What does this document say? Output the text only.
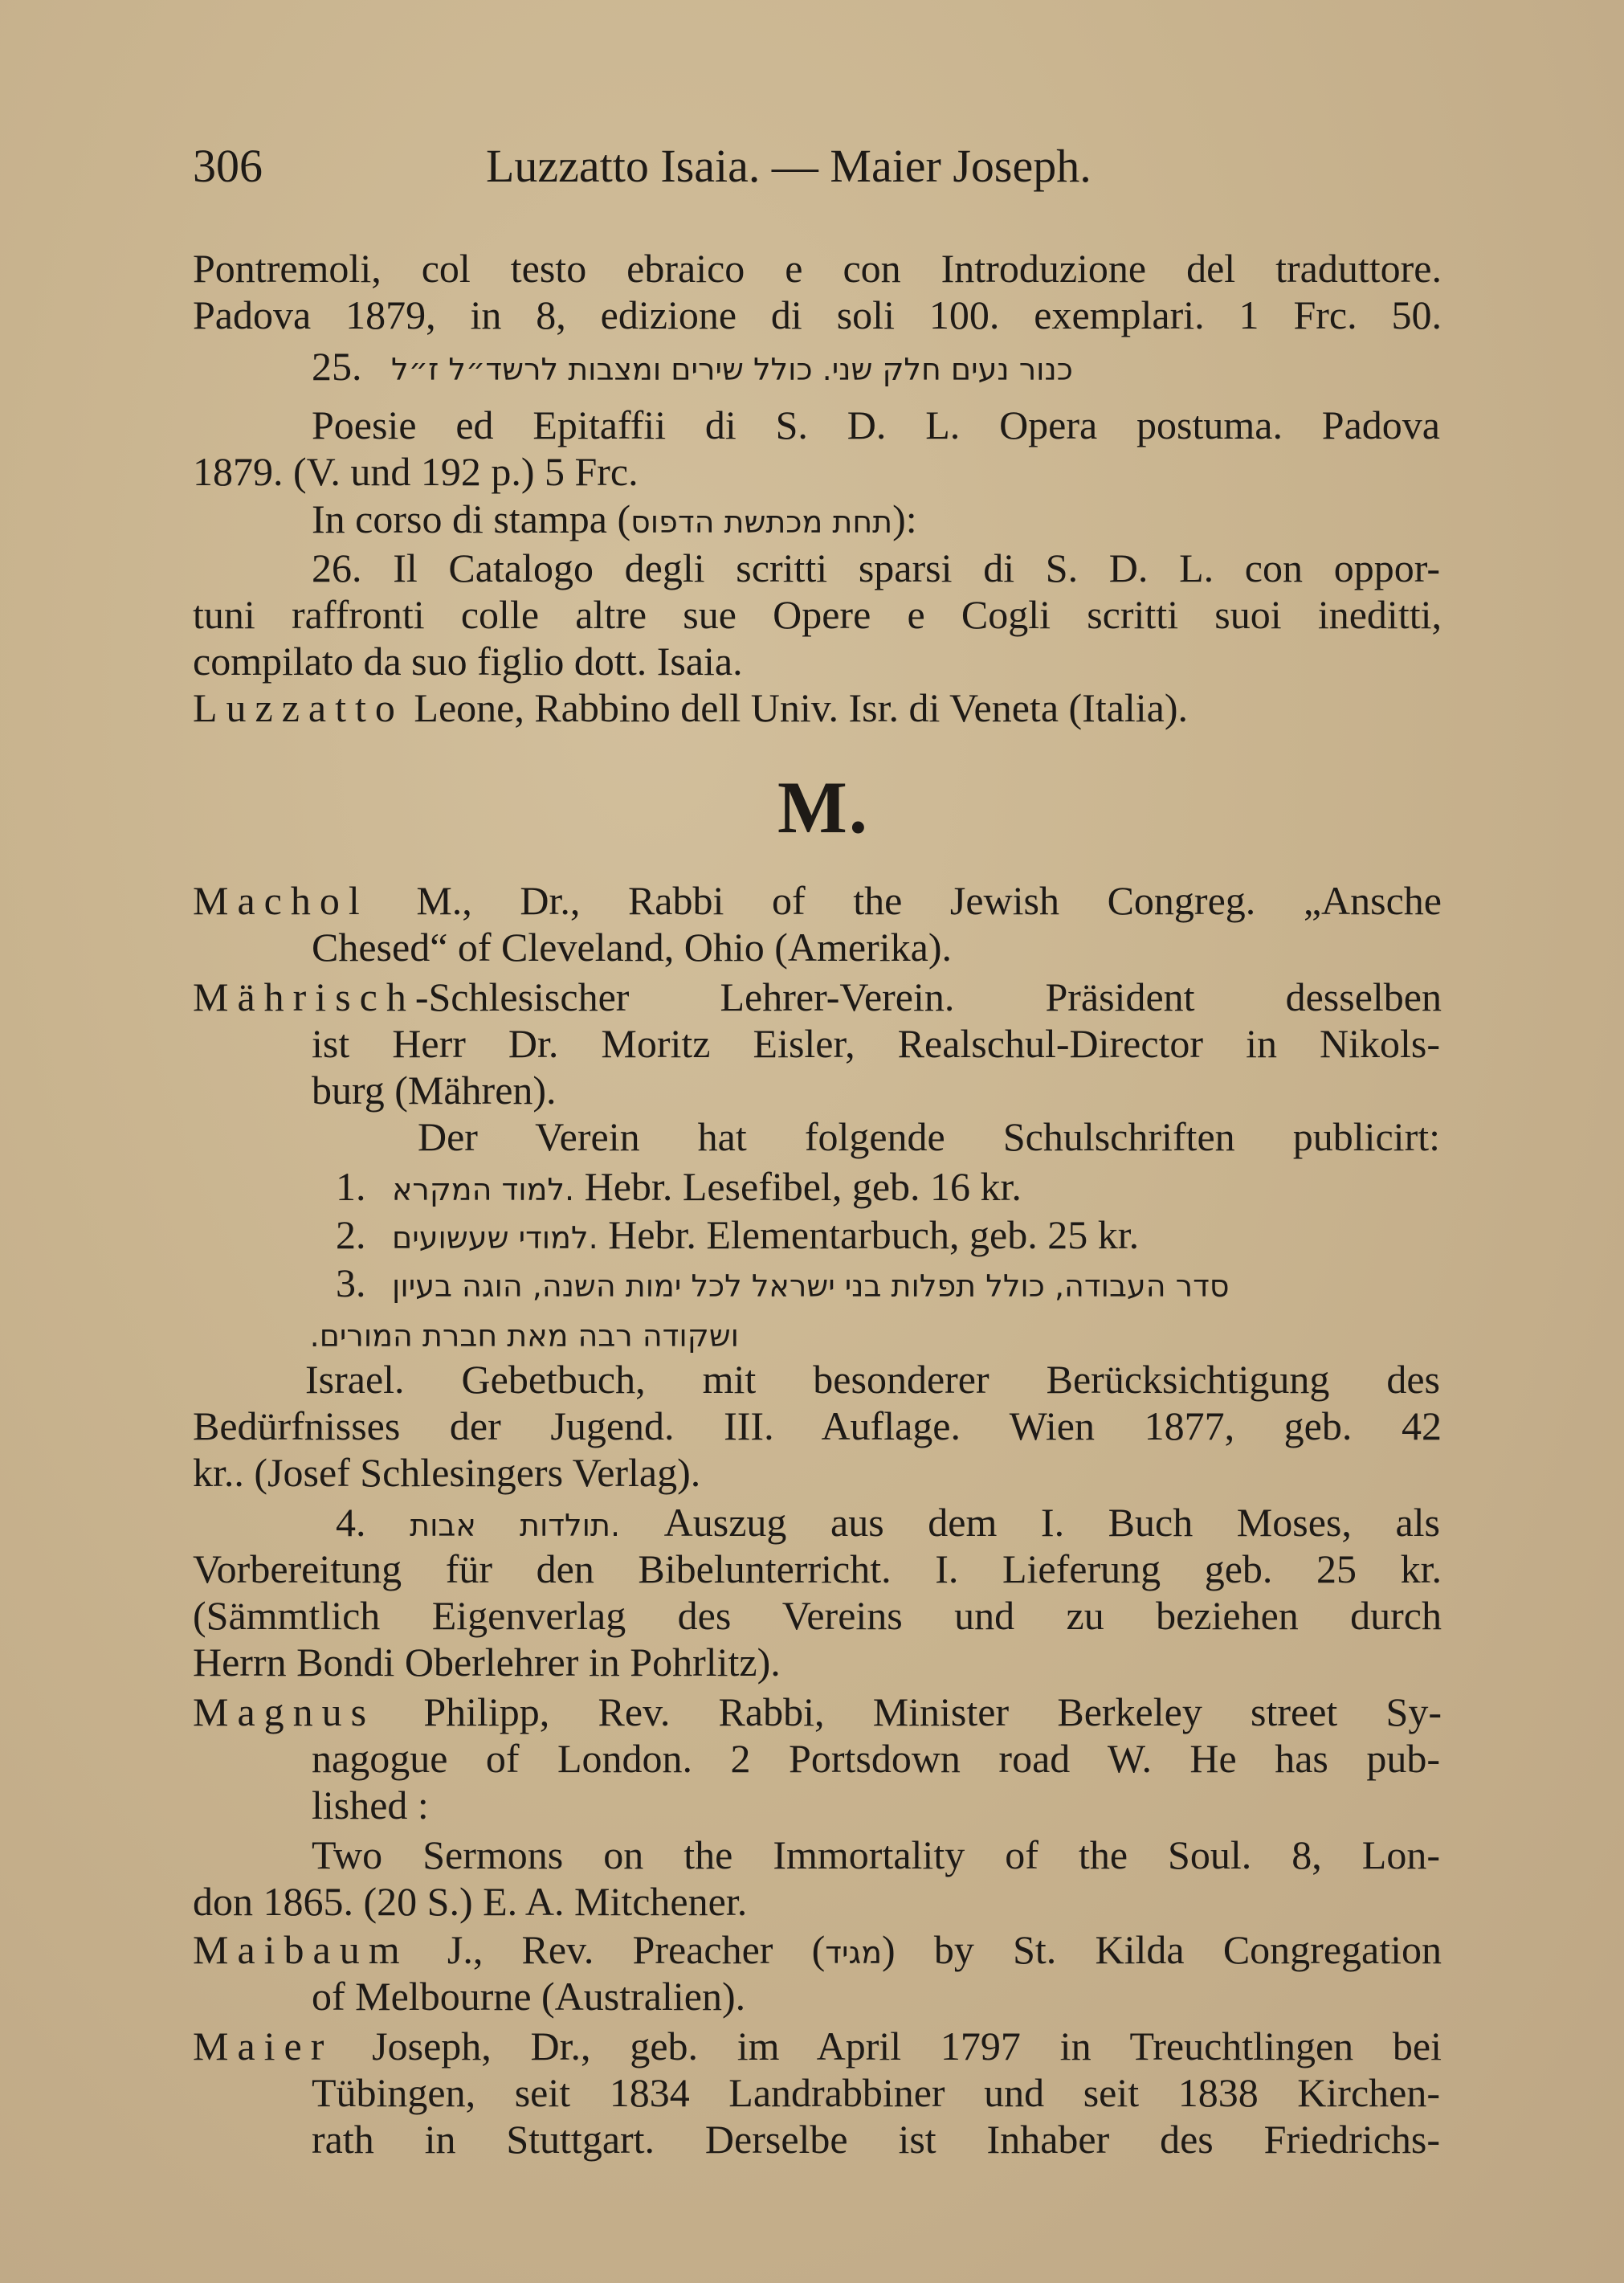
306	Luzzatto Isaia. — Maier Joseph.
Pontremoli, col testo ebraico e con Introduzione del traduttore.
Padova 1879, in 8, edizione di soli 100. exemplari. 1 Frc. 50.
25. כנור נעים חלק שני. כולל שירים ומצבות לרשד״ל ז״ל
Poesie ed Epitaffii di S. D. L. Opera postuma. Padova
1879. (V. und 192 p.) 5 Frc.
In corso di stampa (תחת מכתשת הדפוס):
26. Il Catalogo degli scritti sparsi di S. D. L. con oppor-
tuni raffronti colle altre sue Opere e Cogli scritti suoi ineditti,
compilato da suo figlio dott. Isaia.
Luzzatto Leone, Rabbino dell Univ. Isr. di Veneta (Italia).
M.
Machol M., Dr., Rabbi of the Jewish Congreg. „Ansche
Chesed“ of Cleveland, Ohio (Amerika).
Mährisch-Schlesischer Lehrer-Verein. Präsident desselben
ist Herr Dr. Moritz Eisler, Realschul-Director in Nikols-
burg (Mähren).
Der Verein hat folgende Schulschriften publicirt:
1. למוד המקרא. Hebr. Lesefibel, geb. 16 kr.
2. למודי שעשועים. Hebr. Elementarbuch, geb. 25 kr.
3. סדר העבודה, כולל תפלות בני ישראל לכל ימות השנה, הוגה בעיון
ושקודה רבה מאת חברת המורים.
Israel. Gebetbuch, mit besonderer Berücksichtigung des
Bedürfnisses der Jugend. III. Auflage. Wien 1877, geb. 42
kr.. (Josef Schlesingers Verlag).
4. תולדות אבות. Auszug aus dem I. Buch Moses, als
Vorbereitung für den Bibelunterricht. I. Lieferung geb. 25 kr.
(Sämmtlich Eigenverlag des Vereins und zu beziehen durch
Herrn Bondi Oberlehrer in Pohrlitz).
Magnus Philipp, Rev. Rabbi, Minister Berkeley street Sy-
nagogue of London. 2 Portsdown road W. He has pub-
lished :
Two Sermons on the Immortality of the Soul. 8, Lon-
don 1865. (20 S.) E. A. Mitchener.
Maibaum J., Rev. Preacher (מגיד) by St. Kilda Congregation
of Melbourne (Australien).
Maier Joseph, Dr., geb. im April 1797 in Treuchtlingen bei
Tübingen, seit 1834 Landrabbiner und seit 1838 Kirchen-
rath in Stuttgart. Derselbe ist Inhaber des Friedrichs-
